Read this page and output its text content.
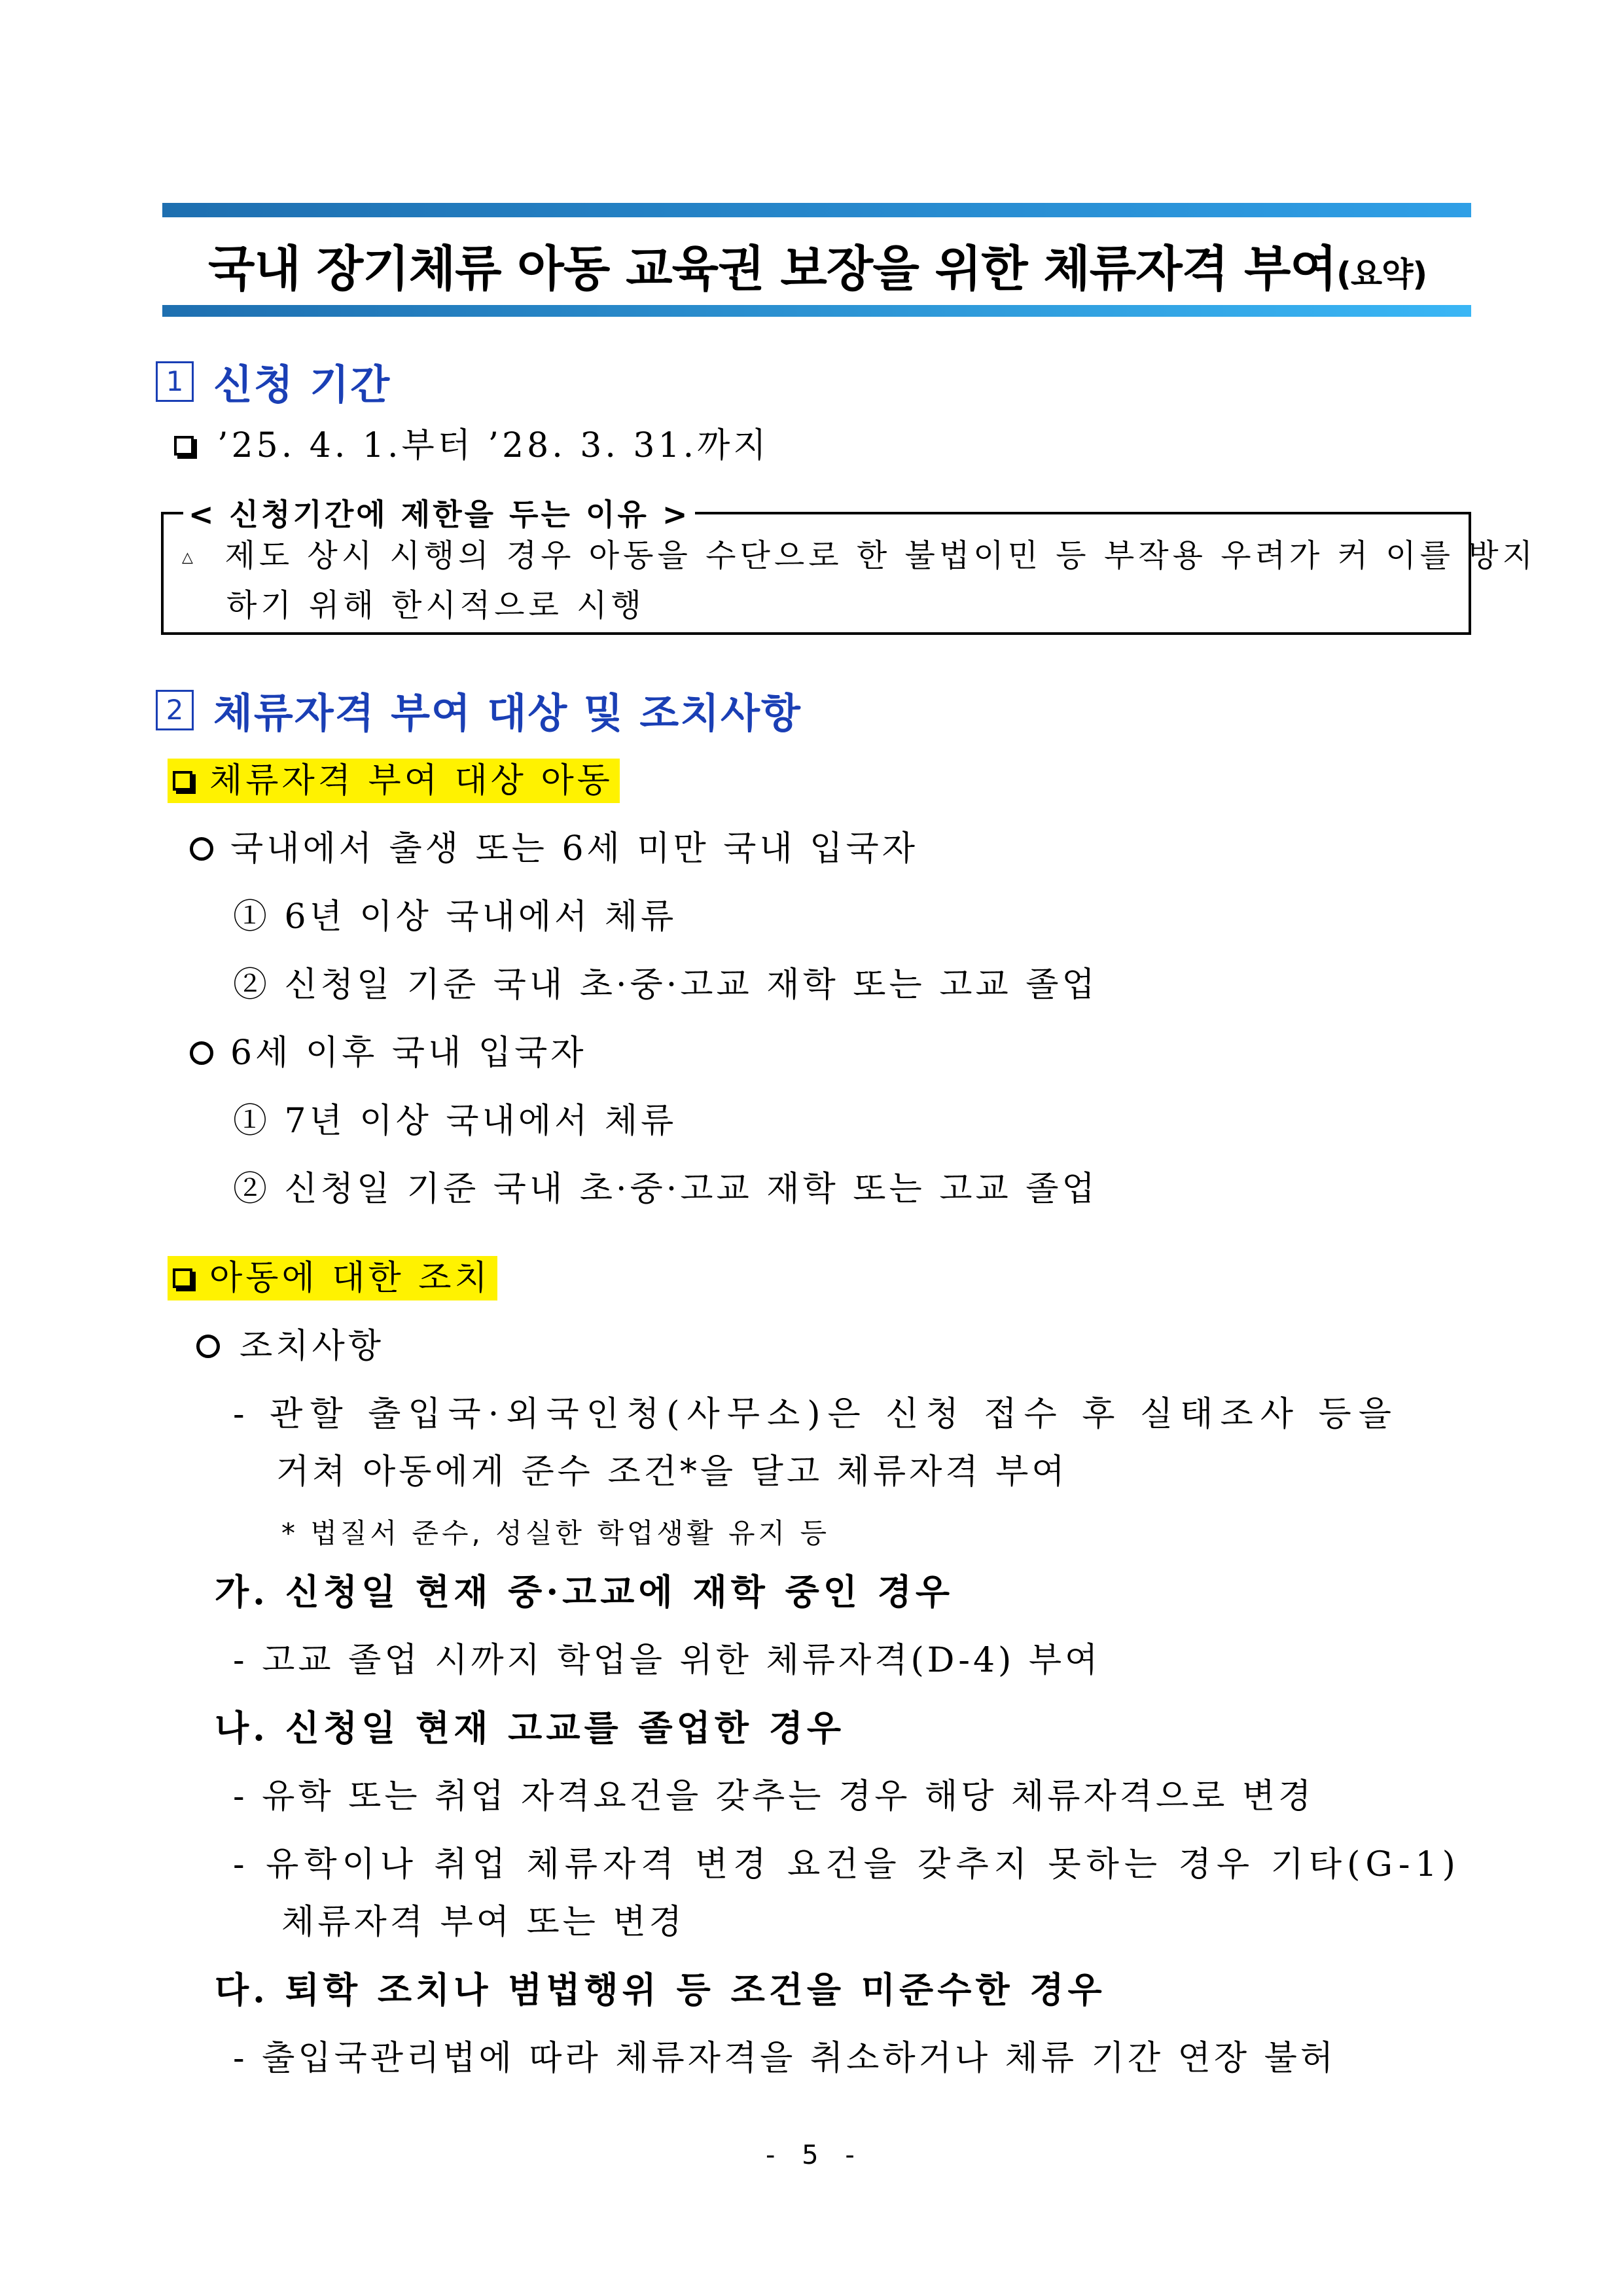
국내 장기체류 아동 교육권 보장을 위한 체류자격 부여(요약)
1 신청 기간
’25. 4. 1.부터 ’28. 3. 31.까지
< 신청기간에 제한을 두는 이유 >
△ 제도 상시 시행의 경우 아동을 수단으로 한 불법이민 등 부작용 우려가 커 이를 방지
하기 위해 한시적으로 시행
2 체류자격 부여 대상 및 조치사항
체류자격 부여 대상 아동
국내에서 출생 또는 6세 미만 국내 입국자
① 6년 이상 국내에서 체류
② 신청일 기준 국내 초·중·고교 재학 또는 고교 졸업
6세 이후 국내 입국자
① 7년 이상 국내에서 체류
② 신청일 기준 국내 초·중·고교 재학 또는 고교 졸업
아동에 대한 조치
조치사항
- 관할 출입국·외국인청(사무소)은 신청 접수 후 실태조사 등을
거쳐 아동에게 준수 조건*을 달고 체류자격 부여
* 법질서 준수, 성실한 학업생활 유지 등
가. 신청일 현재 중·고교에 재학 중인 경우
- 고교 졸업 시까지 학업을 위한 체류자격(D-4) 부여
나. 신청일 현재 고교를 졸업한 경우
- 유학 또는 취업 자격요건을 갖추는 경우 해당 체류자격으로 변경
- 유학이나 취업 체류자격 변경 요건을 갖추지 못하는 경우 기타(G-1)
체류자격 부여 또는 변경
다. 퇴학 조치나 범법행위 등 조건을 미준수한 경우
- 출입국관리법에 따라 체류자격을 취소하거나 체류 기간 연장 불허
- 5 -
